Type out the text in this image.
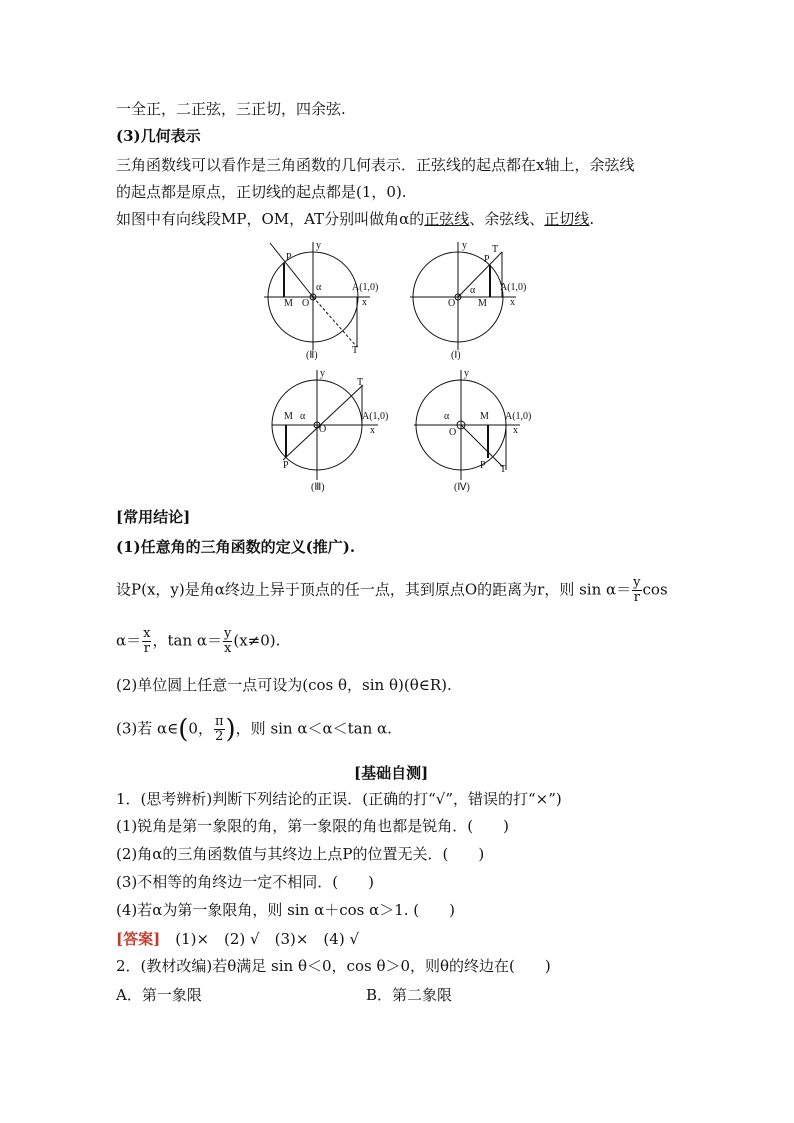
一全正，二正弦，三正切，四余弦.
(3)几何表示
三角函数线可以看作是三角函数的几何表示．正弦线的起点都在x轴上，余弦线
的起点都是原点，正切线的起点都是(1，0).
如图中有向线段MP，OM，AT分别叫做角α的正弦线、余弦线、正切线.
P
M O
α
y
x
A(1,0)
T
(Ⅱ)
P
T
M
O
α
y
x
A(1,0)
(Ⅰ)
M α
O
P
T
y
x
A(1,0)
(Ⅲ)
α	M
O
P T
y
x
A(1,0)
(Ⅳ)
[常用结论]
(1)任意角的三角函数的定义(推广).
设P(x，y)是角α终边上异于顶点的任一点，其到原点O的距离为r，则 $\sin \alpha= \frac{y}{r}$ cos
$\alpha= \frac{x}{r}$ ，$\tan \alpha= \frac{y}{x} (x\ne 0)$.
(2)单位圆上任意一点可设为(cos θ，sin θ)(θ∈R).
(3)若 α∈(0， $\frac{\pi}{2}$ )，则 sin α＜α＜tan α.
[基础自测]
1．(思考辨析)判断下列结论的正误．(正确的打“√”，错误的打“×”)
(1)锐角是第一象限的角，第一象限的角也都是锐角．(　　)
(2)角α的三角函数值与其终边上点P的位置无关．(　　)
(3)不相等的角终边一定不相同．(　　)
(4)若α为第一象限角，则 sin α＋cos α＞1. (　　)
[答案]　 (1)×　(2) √　(3)×　(4) √
2．(教材改编)若θ满足 sin θ＜0，cos θ＞0，则θ的终边在(　　)
A．第一象限	B．第二象限
